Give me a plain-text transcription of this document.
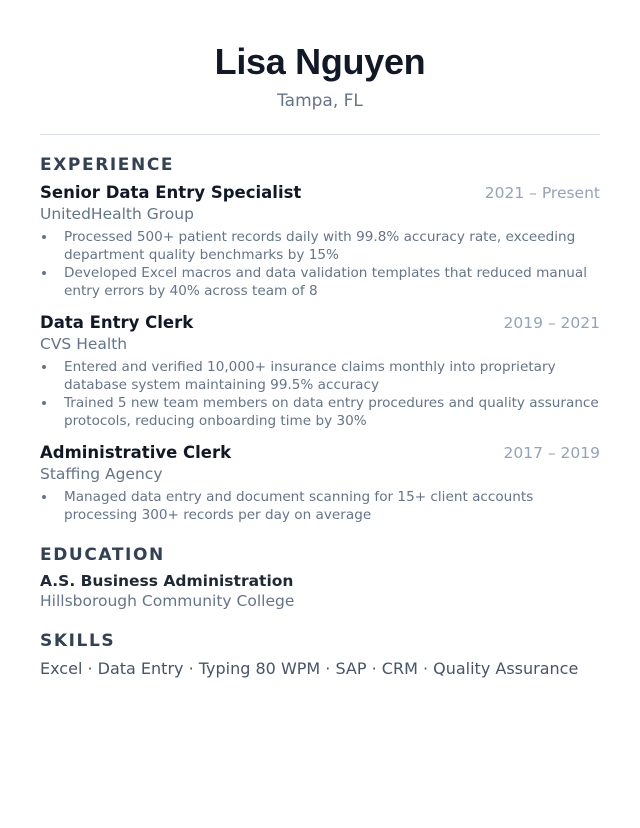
Lisa Nguyen
Tampa, FL
EXPERIENCE
Senior Data Entry Specialist	2021 – Present
UnitedHealth Group
Processed 500+ patient records daily with 99.8% accuracy rate, exceeding department quality benchmarks by 15%
Developed Excel macros and data validation templates that reduced manual entry errors by 40% across team of 8
Data Entry Clerk	2019 – 2021
CVS Health
Entered and verified 10,000+ insurance claims monthly into proprietary database system maintaining 99.5% accuracy
Trained 5 new team members on data entry procedures and quality assurance protocols, reducing onboarding time by 30%
Administrative Clerk	2017 – 2019
Staffing Agency
Managed data entry and document scanning for 15+ client accounts processing 300+ records per day on average
EDUCATION
A.S. Business Administration
Hillsborough Community College
SKILLS
Excel · Data Entry · Typing 80 WPM · SAP · CRM · Quality Assurance
